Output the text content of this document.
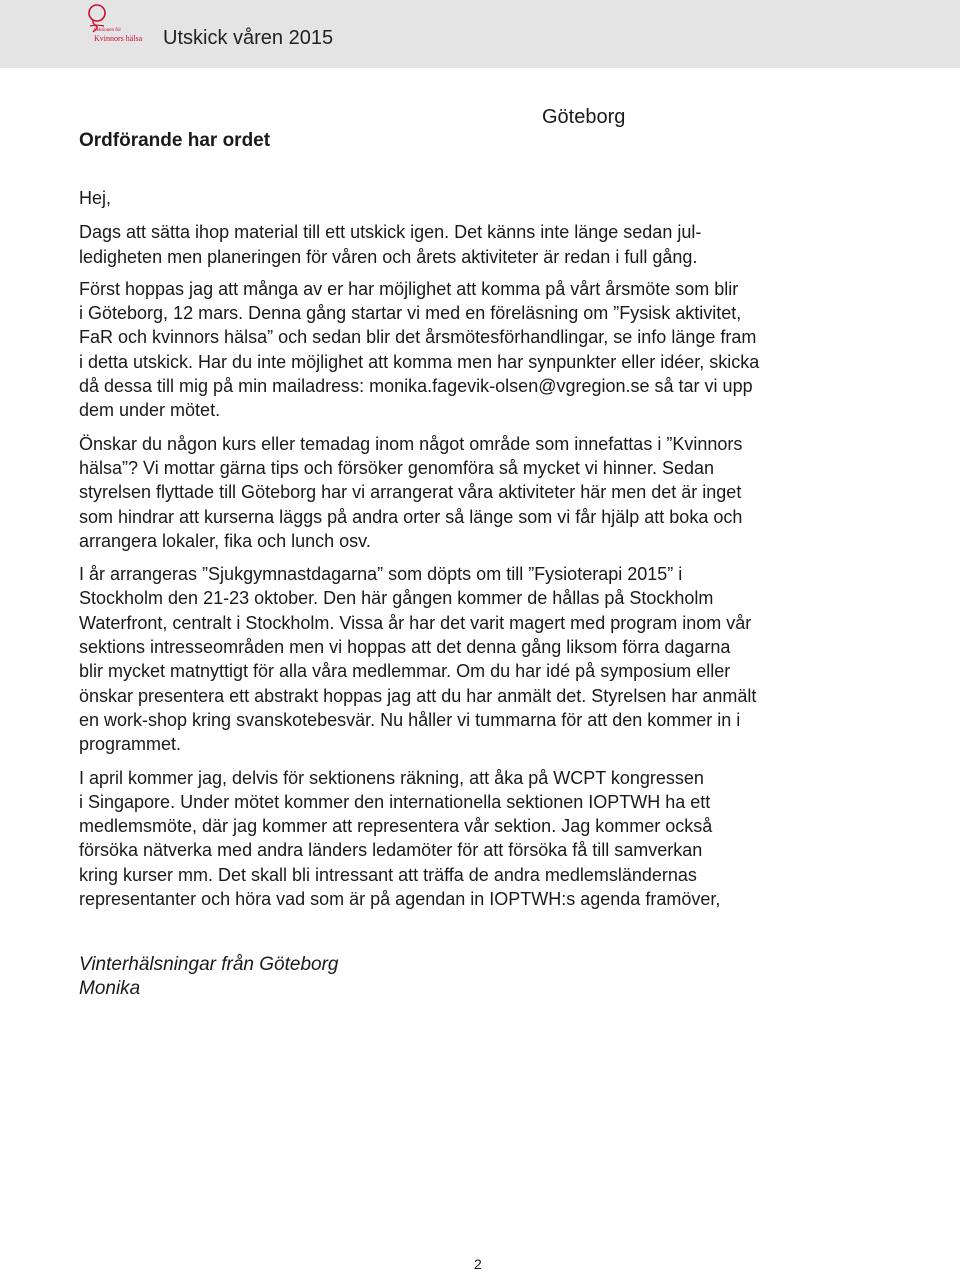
Sektionen för
Kvinnors hälsa Utskick våren 2015
Göteborg
Ordförande har ordet

Hej,

Dags att sätta ihop material till ett utskick igen. Det känns inte länge sedan jul-

ledigheten men planeringen för våren och årets aktiviteter är redan i full gång.

Först hoppas jag att många av er har möjlighet att komma på vårt årsmöte som blir

i Göteborg, 12 mars. Denna gång startar vi med en föreläsning om ”Fysisk aktivitet,

FaR och kvinnors hälsa” och sedan blir det årsmötesförhandlingar, se info länge fram

i detta utskick. Har du inte möjlighet att komma men har synpunkter eller idéer, skicka

då dessa till mig på min mailadress: monika.fagevik-olsen@vgregion.se så tar vi upp

dem under mötet.

Önskar du någon kurs eller temadag inom något område som innefattas i ”Kvinnors

hälsa”? Vi mottar gärna tips och försöker genomföra så mycket vi hinner. Sedan

styrelsen flyttade till Göteborg har vi arrangerat våra aktiviteter här men det är inget

som hindrar att kurserna läggs på andra orter så länge som vi får hjälp att boka och

arrangera lokaler, fika och lunch osv.

I år arrangeras ”Sjukgymnastdagarna” som döpts om till ”Fysioterapi 2015” i

Stockholm den 21-23 oktober. Den här gången kommer de hållas på Stockholm

Waterfront, centralt i Stockholm. Vissa år har det varit magert med program inom vår

sektions intresseområden men vi hoppas att det denna gång liksom förra dagarna

blir mycket matnyttigt för alla våra medlemmar. Om du har idé på symposium eller

önskar presentera ett abstrakt hoppas jag att du har anmält det. Styrelsen har anmält

en work-shop kring svanskotebesvär. Nu håller vi tummarna för att den kommer in i

programmet.

I april kommer jag, delvis för sektionens räkning, att åka på WCPT kongressen

i Singapore. Under mötet kommer den internationella sektionen IOPTWH ha ett

medlemsmöte, där jag kommer att representera vår sektion. Jag kommer också

försöka nätverka med andra länders ledamöter för att försöka få till samverkan

kring kurser mm. Det skall bli intressant att träffa de andra medlemsländernas

representanter och höra vad som är på agendan in IOPTWH:s agenda framöver,

Vinterhälsningar från Göteborg
Monika
2
